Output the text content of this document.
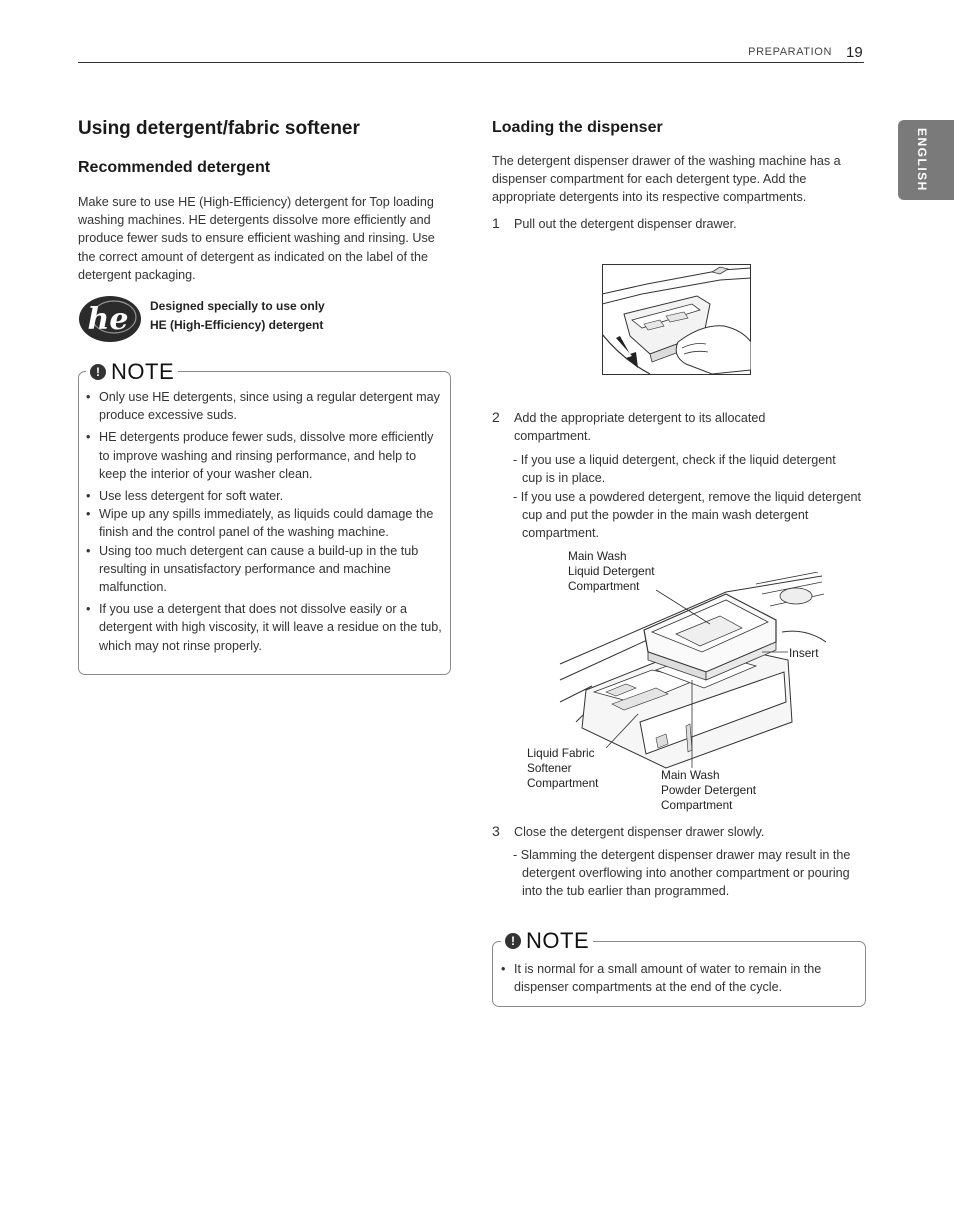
PREPARATION 19
ENGLISH
Using detergent/fabric softener
Recommended detergent

Make sure to use HE (High-Efficiency) detergent for Top loading washing machines. HE detergents dissolve more efficiently and produce fewer suds to ensure efficient washing and rinsing. Use the correct amount of detergent as indicated on the label of the detergent packaging.

he Designed specially to use only
HE (High-Efficiency) detergent
! NOTE
• Only use HE detergents, since using a regular detergent may produce excessive suds.
• HE detergents produce fewer suds, dissolve more efficiently to improve washing and rinsing performance, and help to keep the interior of your washer clean.
• Use less detergent for soft water.
• Wipe up any spills immediately, as liquids could damage the finish and the control panel of the washing machine.
• Using too much detergent can cause a build-up in the tub resulting in unsatisfactory performance and machine malfunction.
• If you use a detergent that does not dissolve easily or a detergent with high viscosity, it will leave a residue on the tub, which may not rinse properly.
Loading the dispenser

The detergent dispenser drawer of the washing machine has a dispenser compartment for each detergent type. Add the appropriate detergents into its respective compartments.

1 Pull out the detergent dispenser drawer.
2 Add the appropriate detergent to its allocated compartment.
- If you use a liquid detergent, check if the liquid detergent cup is in place.
- If you use a powdered detergent, remove the liquid detergent cup and put the powder in the main wash detergent compartment.
Main Wash
Liquid Detergent
Compartment
Insert
Liquid Fabric
Softener
Compartment
Main Wash
Powder Detergent
Compartment
3 Close the detergent dispenser drawer slowly.
- Slamming the detergent dispenser drawer may result in the detergent overflowing into another compartment or pouring into the tub earlier than programmed.
! NOTE
• It is normal for a small amount of water to remain in the dispenser compartments at the end of the cycle.
